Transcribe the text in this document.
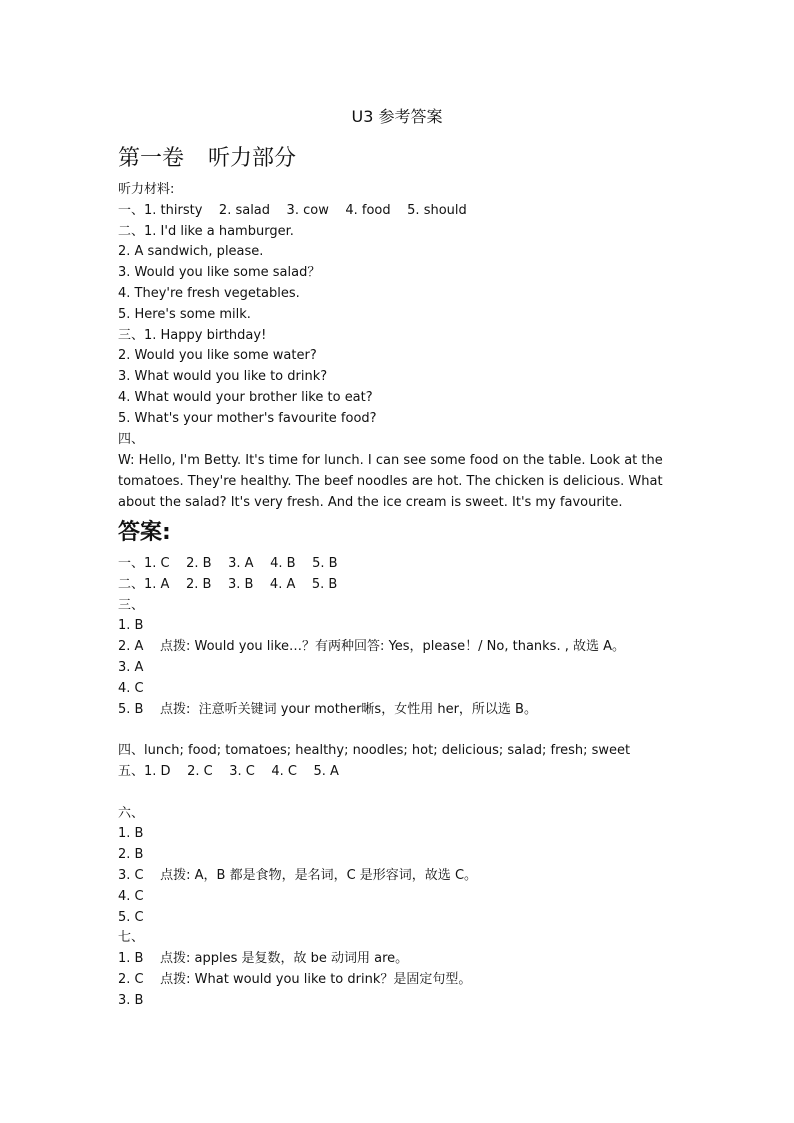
U3 参考答案
第一卷 听力部分
听力材料:
一、1. thirsty    2. salad    3. cow    4. food    5. should
二、1. I'd like a hamburger.
2. A sandwich, please.
3. Would you like some salad？
4. They're fresh vegetables.
5. Here's some milk.
三、1. Happy birthday!
2. Would you like some water?
3. What would you like to drink?
4. What would your brother like to eat?
5. What's your mother's favourite food?
四、
W: Hello, I'm Betty. It's time for lunch. I can see some food on the table. Look at the tomatoes. They're healthy. The beef noodles are hot. The chicken is delicious. What about the salad? It's very fresh. And the ice cream is sweet. It's my favourite.
答案:
一、1. C    2. B    3. A    4. B    5. B
二、1. A    2. B    3. B    4. A    5. B
三、
1. B
2. A    点拨: Would you like…？有两种回答: Yes，please！/ No, thanks. , 故选 A。
3. A
4. C
5. B    点拨:  注意听关键词 your mother晰s，女性用 her，所以选 B。
四、lunch; food; tomatoes; healthy; noodles; hot; delicious; salad; fresh; sweet
五、1. D    2. C    3. C    4. C    5. A
六、
1. B
2. B
3. C    点拨: A，B 都是食物，是名词，C 是形容词，故选 C。
4. C
5. C
七、
1. B    点拨: apples 是复数，故 be 动词用 are。
2. C    点拨: What would you like to drink？是固定句型。
3. B
